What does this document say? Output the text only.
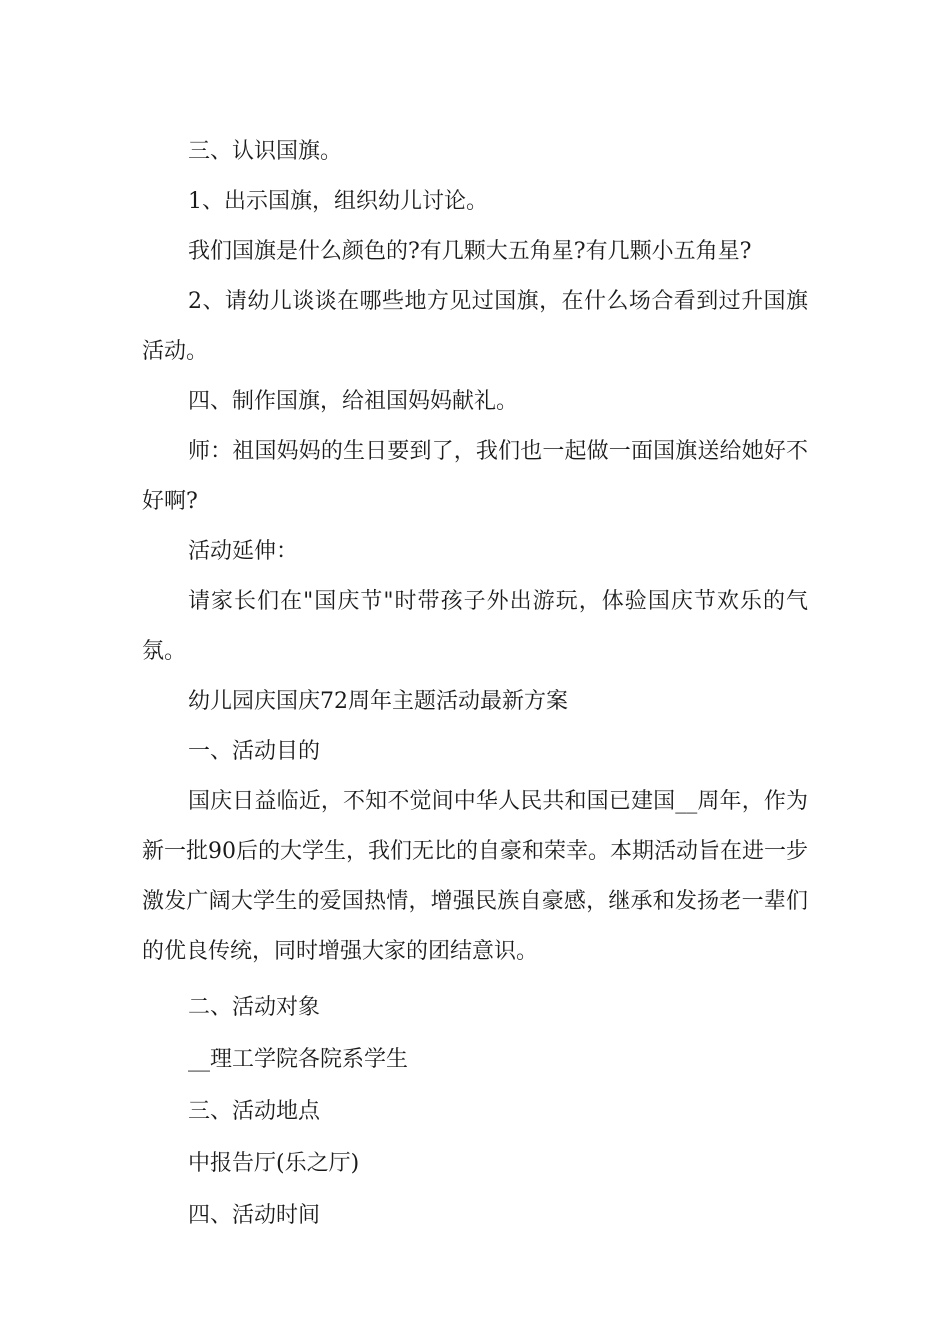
三、认识国旗。

1、出示国旗，组织幼儿讨论。

我们国旗是什么颜色的?有几颗大五角星?有几颗小五角星?

2、请幼儿谈谈在哪些地方见过国旗，在什么场合看到过升国旗活动。

四、制作国旗，给祖国妈妈献礼。

师：祖国妈妈的生日要到了，我们也一起做一面国旗送给她好不好啊?

活动延伸：

请家长们在"国庆节"时带孩子外出游玩，体验国庆节欢乐的气氛。

幼儿园庆国庆72周年主题活动最新方案

一、活动目的

国庆日益临近，不知不觉间中华人民共和国已建国__周年，作为新一批90后的大学生，我们无比的自豪和荣幸。本期活动旨在进一步激发广阔大学生的爱国热情，增强民族自豪感，继承和发扬老一辈们的优良传统，同时增强大家的团结意识。

二、活动对象

__理工学院各院系学生

三、活动地点

中报告厅(乐之厅)

四、活动时间
